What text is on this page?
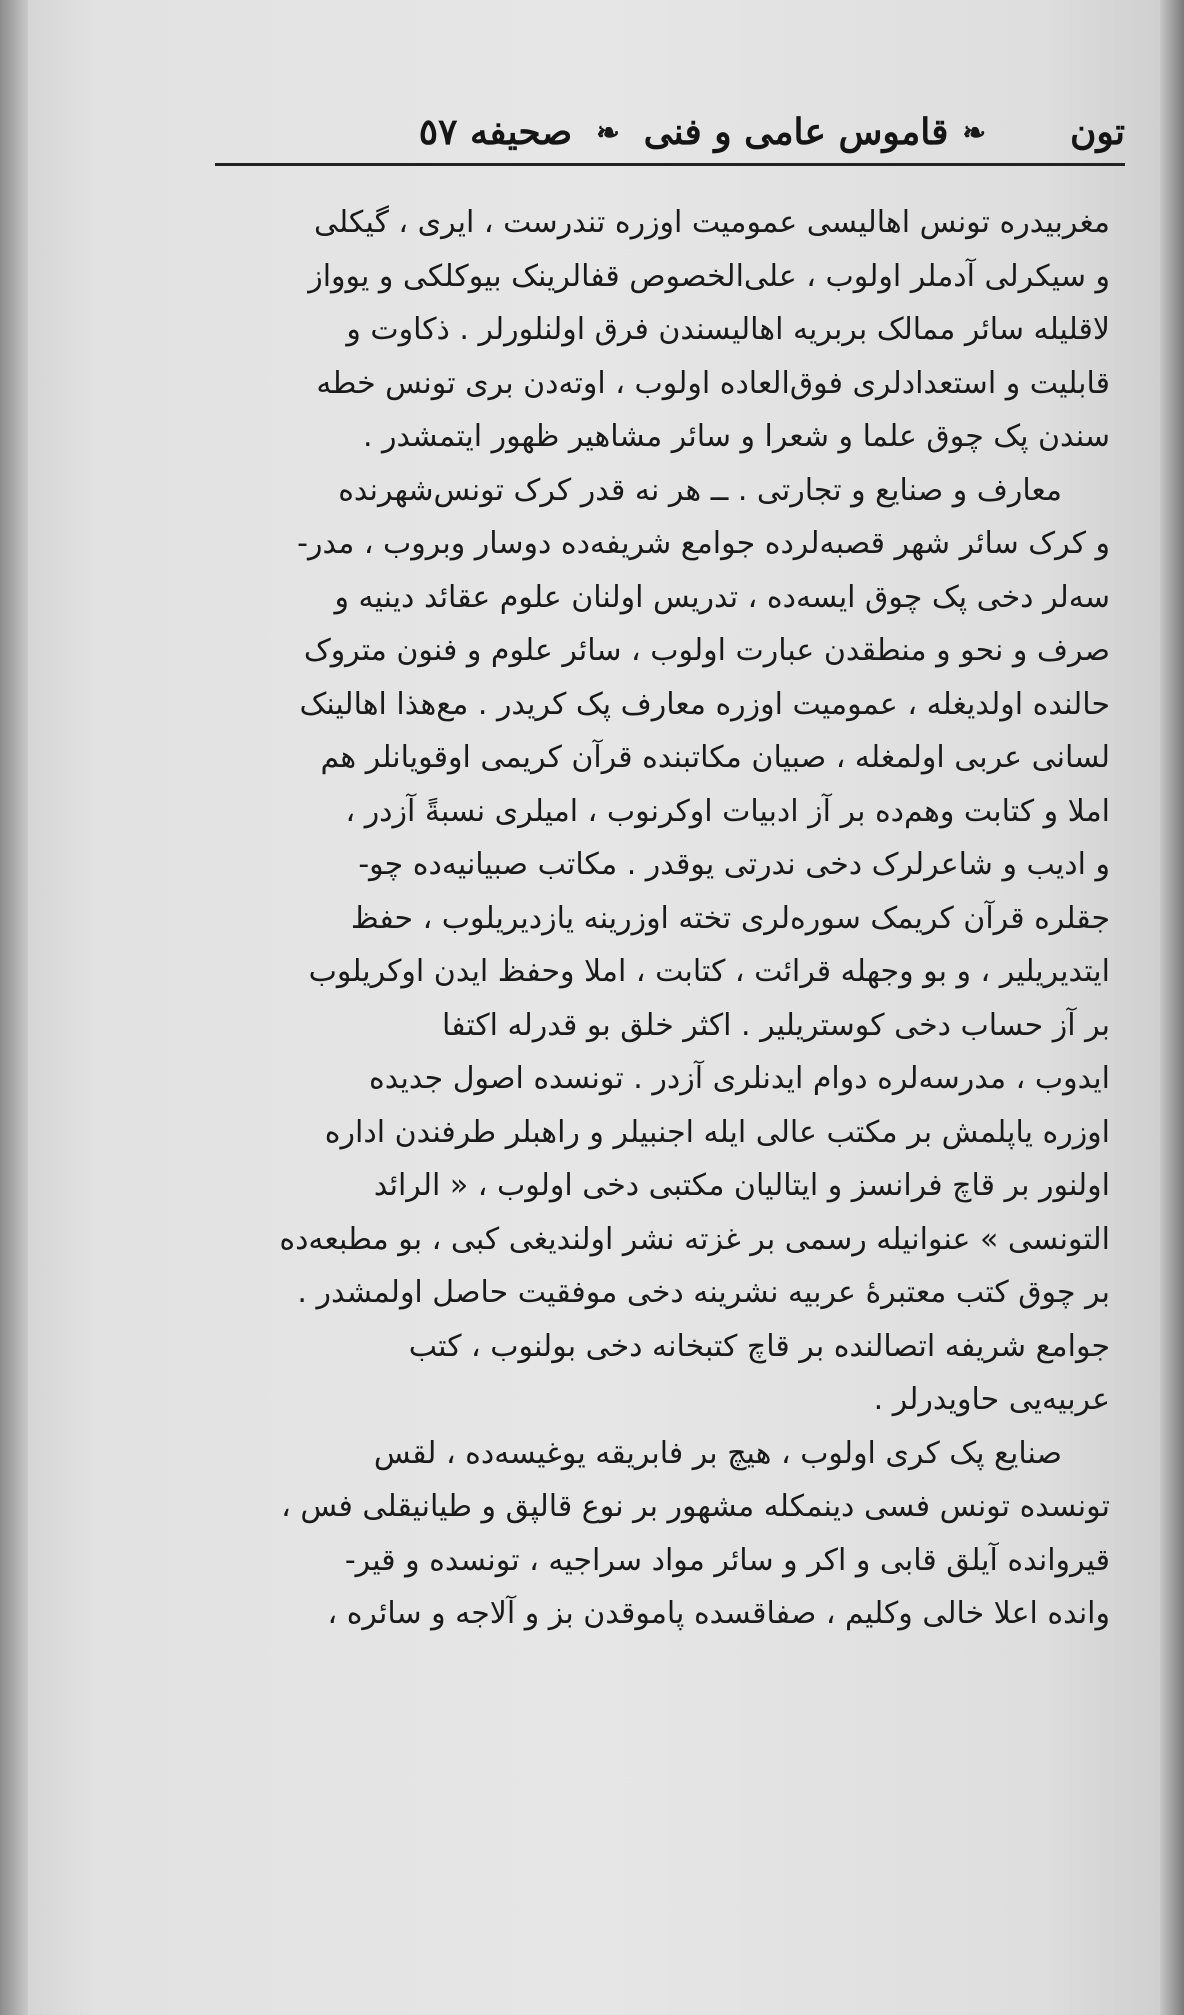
تون
❧
قاموس عامی و فنی
❧
صحیفه ٥٧
مغربیدره تونس اهالیسی عمومیت اوزره تندرست ، ایری ، گیکلی
و سیکرلی آدملر اولوب ، علی‌الخصوص قفالرینک بیوکلکی و یوواز
لاقلیله سائر ممالک بربریه اهالیسندن فرق اولنلورلر . ذکاوت و
قابلیت و استعدادلری فوق‌العاده اولوب ، اوته‌دن بری تونس خطه
سندن پک چوق علما و شعرا و سائر مشاهیر ظهور ایتمشدر .
معارف و صنایع و تجارتی . ــ هر نه قدر کرک تونس‌شهرنده
و کرک سائر شهر قصبه‌لرده جوامع شریفه‌ده دوسار وبروب ، مدر-
سه‌لر دخی پک چوق ایسه‌ده ، تدریس اولنان علوم عقائد دینیه و
صرف و نحو و منطقدن عبارت اولوب ، سائر علوم و فنون متروک
حالنده اولدیغله ، عمومیت اوزره معارف پک کریدر . مع‌هذا اهالینک
لسانی عربی اولمغله ، صبیان مکاتبنده قرآن کریمی اوقویانلر هم
املا و کتابت وهم‌ده بر آز ادبیات اوکرنوب ، امیلری نسبةً آزدر ،
و ادیب و شاعرلرک دخی ندرتی یوقدر . مکاتب صبیانیه‌ده چو-
جقلره قرآن کریمک سوره‌لری تخته اوزرینه یازدیریلوب ، حفظ
ایتدیریلیر ، و بو وجهله قرائت ، کتابت ، املا وحفظ ایدن اوکریلوب
بر آز حساب دخی کوستریلیر . اکثر خلق بو قدرله اکتفا
ایدوب ، مدرسه‌لره دوام ایدنلری آزدر . تونسده اصول جدیده
اوزره یاپلمش بر مکتب عالی ایله اجنبیلر و راهبلر طرفندن اداره
اولنور بر قاچ فرانسز و ایتالیان مکتبی دخی اولوب ، « الرائد
التونسی » عنوانیله رسمی بر غزته نشر اولندیغی کبی ، بو مطبعه‌ده
بر چوق کتب معتبرهٔ عربیه نشرینه دخی موفقیت حاصل اولمشدر .
جوامع شریفه اتصالنده بر قاچ کتبخانه دخی بولنوب ، کتب
عربیه‌یی حاویدرلر .
صنایع پک کری اولوب ، هیچ بر فابریقه یوغیسه‌ده ، لقس
تونسده تونس فسی دینمکله مشهور بر نوع قالپق و طیانیقلی فس ،
قیروانده آیلق قابی و اکر و سائر مواد سراجیه ، تونسده و قیر-
وانده اعلا خالی وکلیم ، صفاقسده پاموقدن بز و آلاجه و سائره ،
